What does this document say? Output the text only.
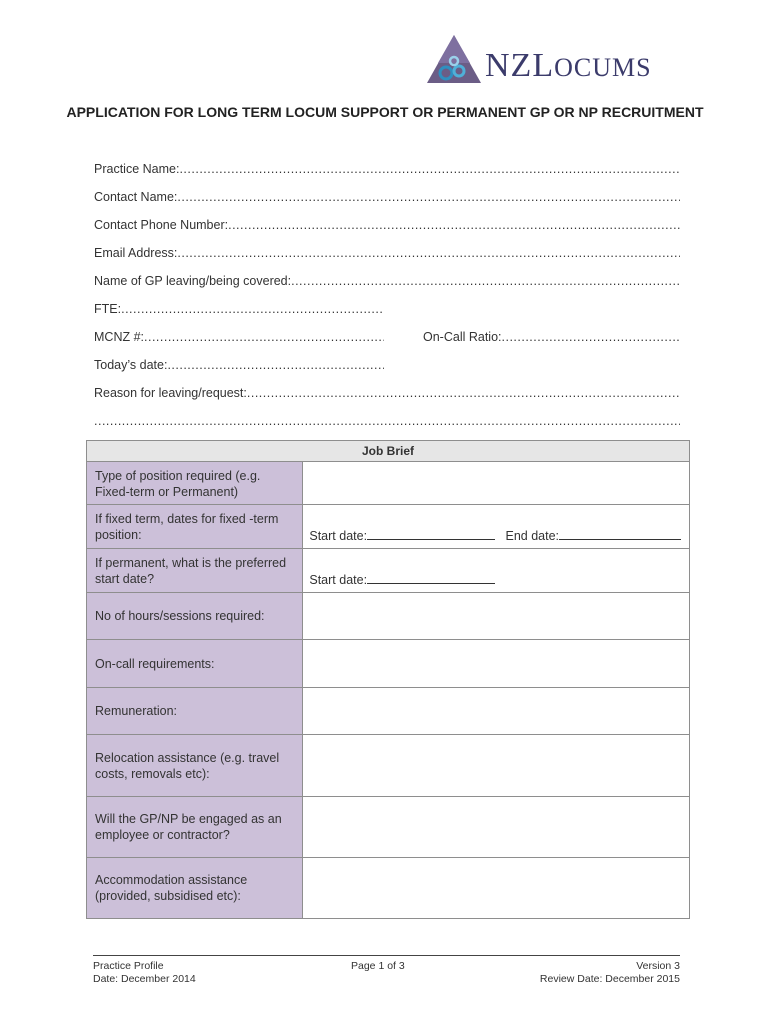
NZLOCUMS
APPLICATION FOR LONG TERM LOCUM SUPPORT OR PERMANENT GP OR NP RECRUITMENT
Practice Name:
.....
Contact Name:
.....
Contact Phone Number:
.....
Email Address:
.....
Name of GP leaving/being covered:
.....
FTE:
.....
MCNZ #: .....	On-Call Ratio:
.....
Today’s date:
.....
Reason for leaving/request:
.....
.....
Job Brief	
Type of position required (e.g. Fixed-term or Permanent)	
If fixed term, dates for fixed -term position:	Start date: End date:
If permanent, what is the preferred start date?	Start date:
No of hours/sessions required:	
On-call requirements:	
Remuneration:	
Relocation assistance (e.g. travel costs, removals etc):	
Will the GP/NP be engaged as an employee or contractor?	
Accommodation assistance (provided, subsidised etc):	
Practice Profile
Date: December 2014
Page 1 of 3	Version 3
Review Date: December 2015
